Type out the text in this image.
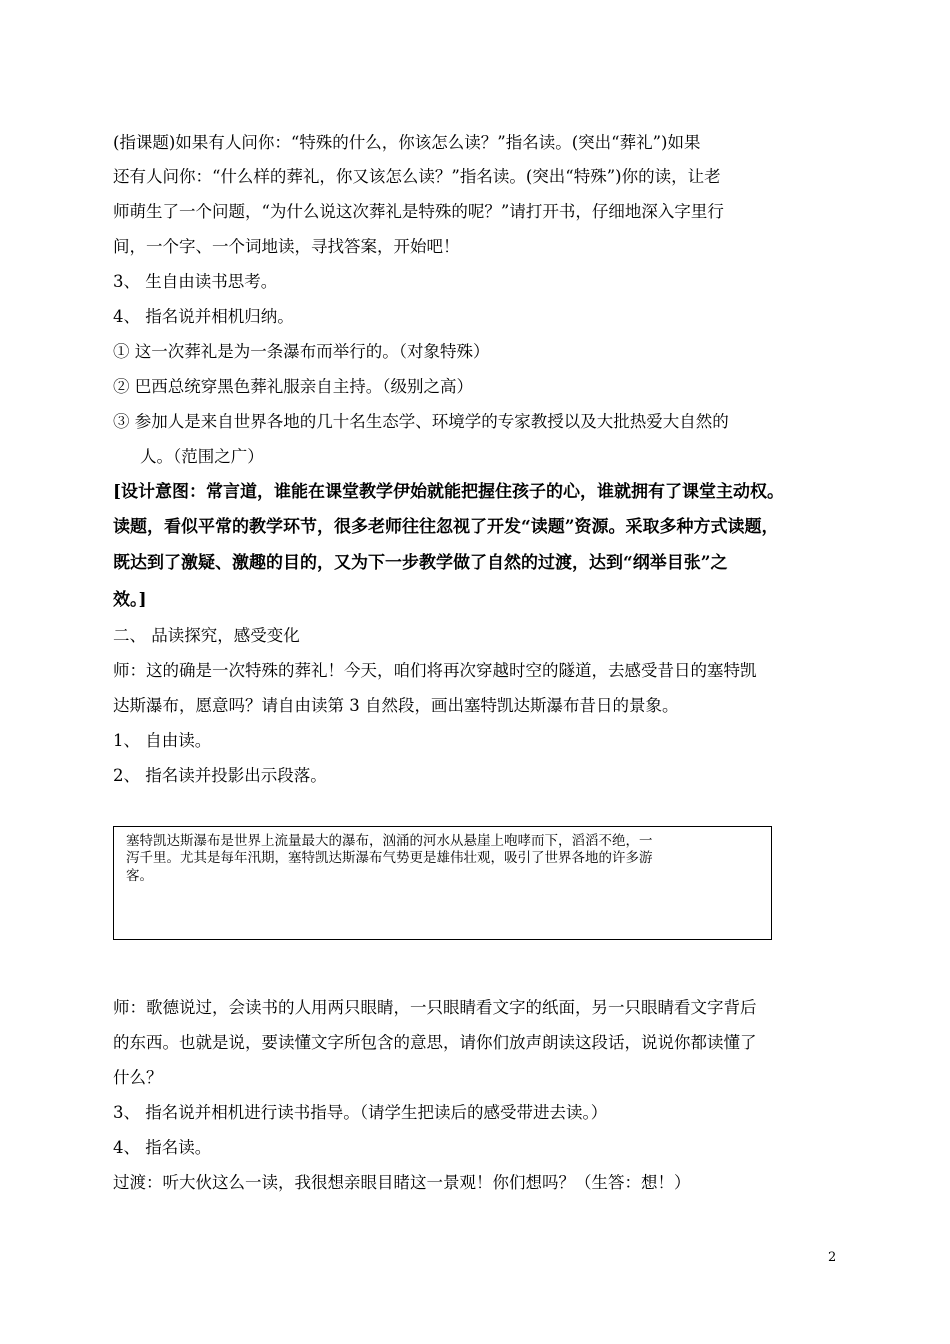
(指课题)如果有人问你：“特殊的什么，你该怎么读？”指名读。(突出“葬礼”)如果
还有人问你：“什么样的葬礼，你又该怎么读？”指名读。(突出“特殊”)你的读，让老
师萌生了一个问题，“为什么说这次葬礼是特殊的呢？”请打开书，仔细地深入字里行
间，一个字、一个词地读，寻找答案，开始吧！
3、 生自由读书思考。
4、 指名说并相机归纳。
① 这一次葬礼是为一条瀑布而举行的。（对象特殊）
② 巴西总统穿黑色葬礼服亲自主持。（级别之高）
③ 参加人是来自世界各地的几十名生态学、环境学的专家教授以及大批热爱大自然的
人。（范围之广）
[设计意图：常言道，谁能在课堂教学伊始就能把握住孩子的心，谁就拥有了课堂主动权。
读题，看似平常的教学环节，很多老师往往忽视了开发“读题”资源。采取多种方式读题，
既达到了激疑、激趣的目的，又为下一步教学做了自然的过渡，达到“纲举目张”之
效。]
二、 品读探究，感受变化
师：这的确是一次特殊的葬礼！今天，咱们将再次穿越时空的隧道，去感受昔日的塞特凯
达斯瀑布，愿意吗？请自由读第 3 自然段，画出塞特凯达斯瀑布昔日的景象。
1、 自由读。
2、 指名读并投影出示段落。
塞特凯达斯瀑布是世界上流量最大的瀑布，汹涌的河水从悬崖上咆哮而下，滔滔不绝，一
泻千里。尤其是每年汛期，塞特凯达斯瀑布气势更是雄伟壮观，吸引了世界各地的许多游
客。
师：歌德说过，会读书的人用两只眼睛，一只眼睛看文字的纸面，另一只眼睛看文字背后
的东西。也就是说，要读懂文字所包含的意思，请你们放声朗读这段话，说说你都读懂了
什么？
3、 指名说并相机进行读书指导。（请学生把读后的感受带进去读。）
4、 指名读。
过渡：听大伙这么一读，我很想亲眼目睹这一景观！你们想吗？（生答：想！）
2
